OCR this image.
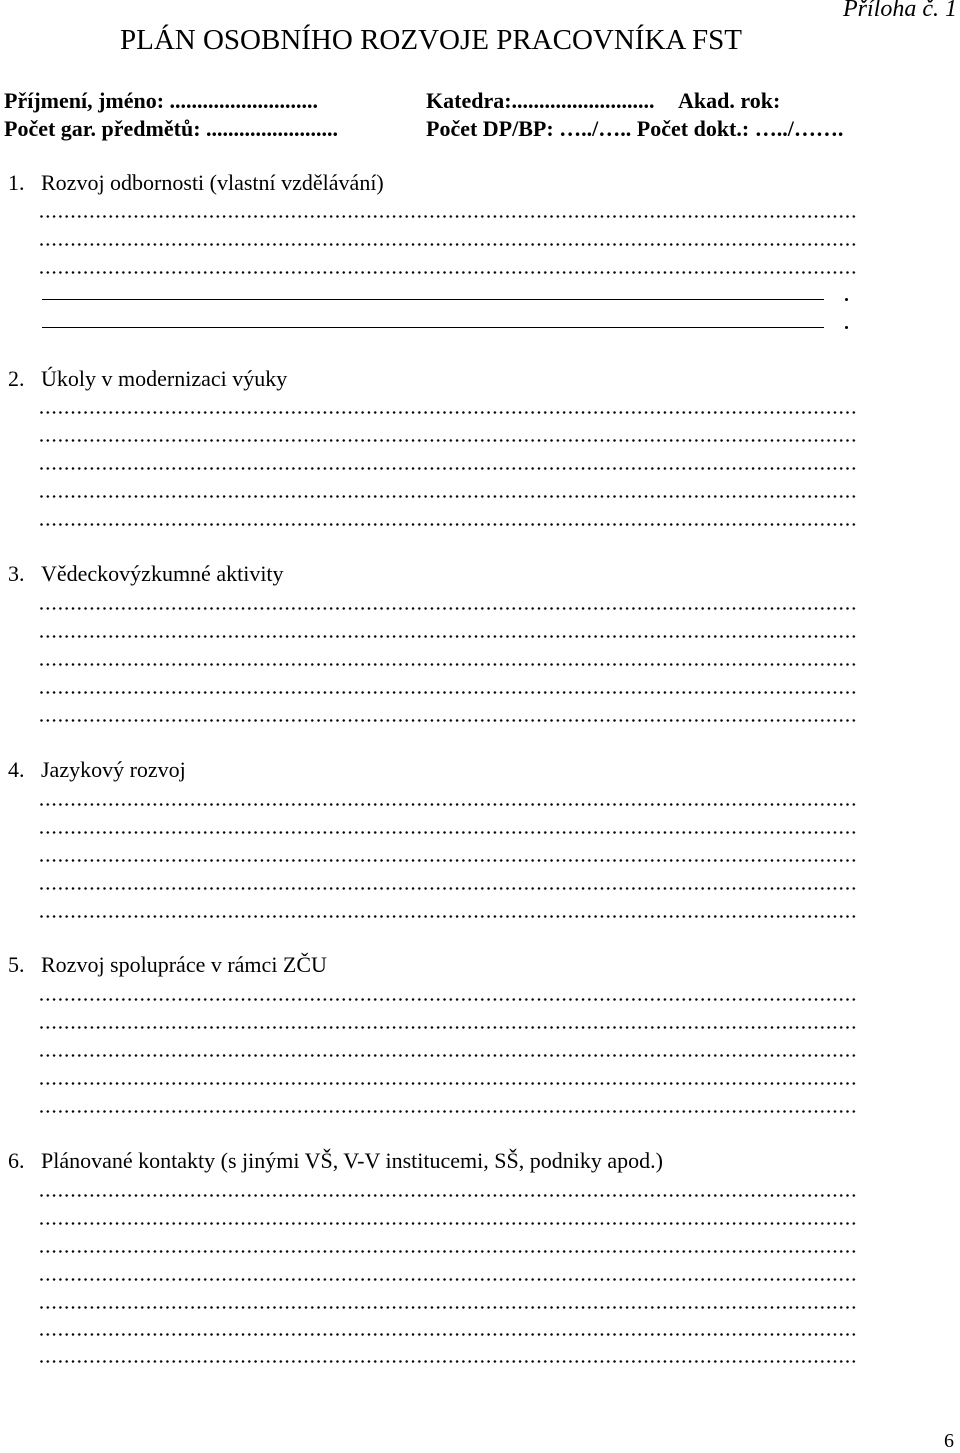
Příloha č. 1
PLÁN OSOBNÍHO ROZVOJE PRACOVNÍKA FST
Příjmení, jméno: ...........................	Katedra:.......................... Akad. rok:
Počet gar. předmětů: ........................	Počet DP/BP: …../….. Počet dokt.: …../…….
1. Rozvoj odbornosti (vlastní vzdělávání)
2. Úkoly v modernizaci výuky
3. Vědeckovýzkumné aktivity
4. Jazykový rozvoj
5. Rozvoj spolupráce v rámci ZČU
6. Plánované kontakty (s jinými VŠ, V-V institucemi, SŠ, podniky apod.)
6
